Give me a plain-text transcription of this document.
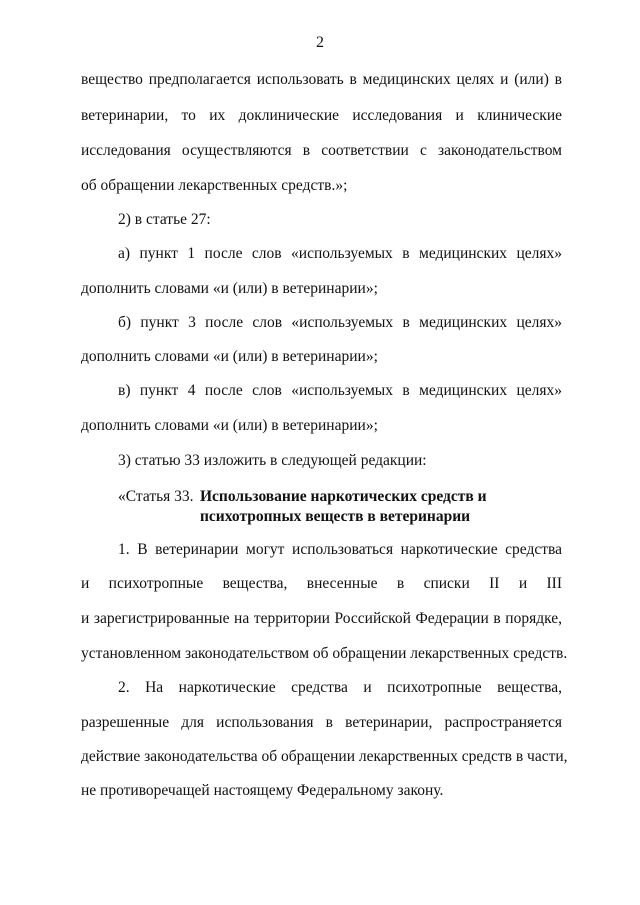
2
вещество предполагается использовать в медицинских целях и (или) в
ветеринарии, то их доклинические исследования и клинические
исследования осуществляются в соответствии с законодательством
об обращении лекарственных средств.»;
2) в статье 27:
а) пункт 1 после слов «используемых в медицинских целях»
дополнить словами «и (или) в ветеринарии»;
б) пункт 3 после слов «используемых в медицинских целях»
дополнить словами «и (или) в ветеринарии»;
в) пункт 4 после слов «используемых в медицинских целях»
дополнить словами «и (или) в ветеринарии»;
3) статью 33 изложить в следующей редакции:
«Статья 33. Использование наркотических средств и
психотропных веществ в ветеринарии
1. В ветеринарии могут использоваться наркотические средства
и психотропные вещества, внесенные в списки II и III
и зарегистрированные на территории Российской Федерации в порядке,
установленном законодательством об обращении лекарственных средств.
2. На наркотические средства и психотропные вещества,
разрешенные для использования в ветеринарии, распространяется
действие законодательства об обращении лекарственных средств в части,
не противоречащей настоящему Федеральному закону.
